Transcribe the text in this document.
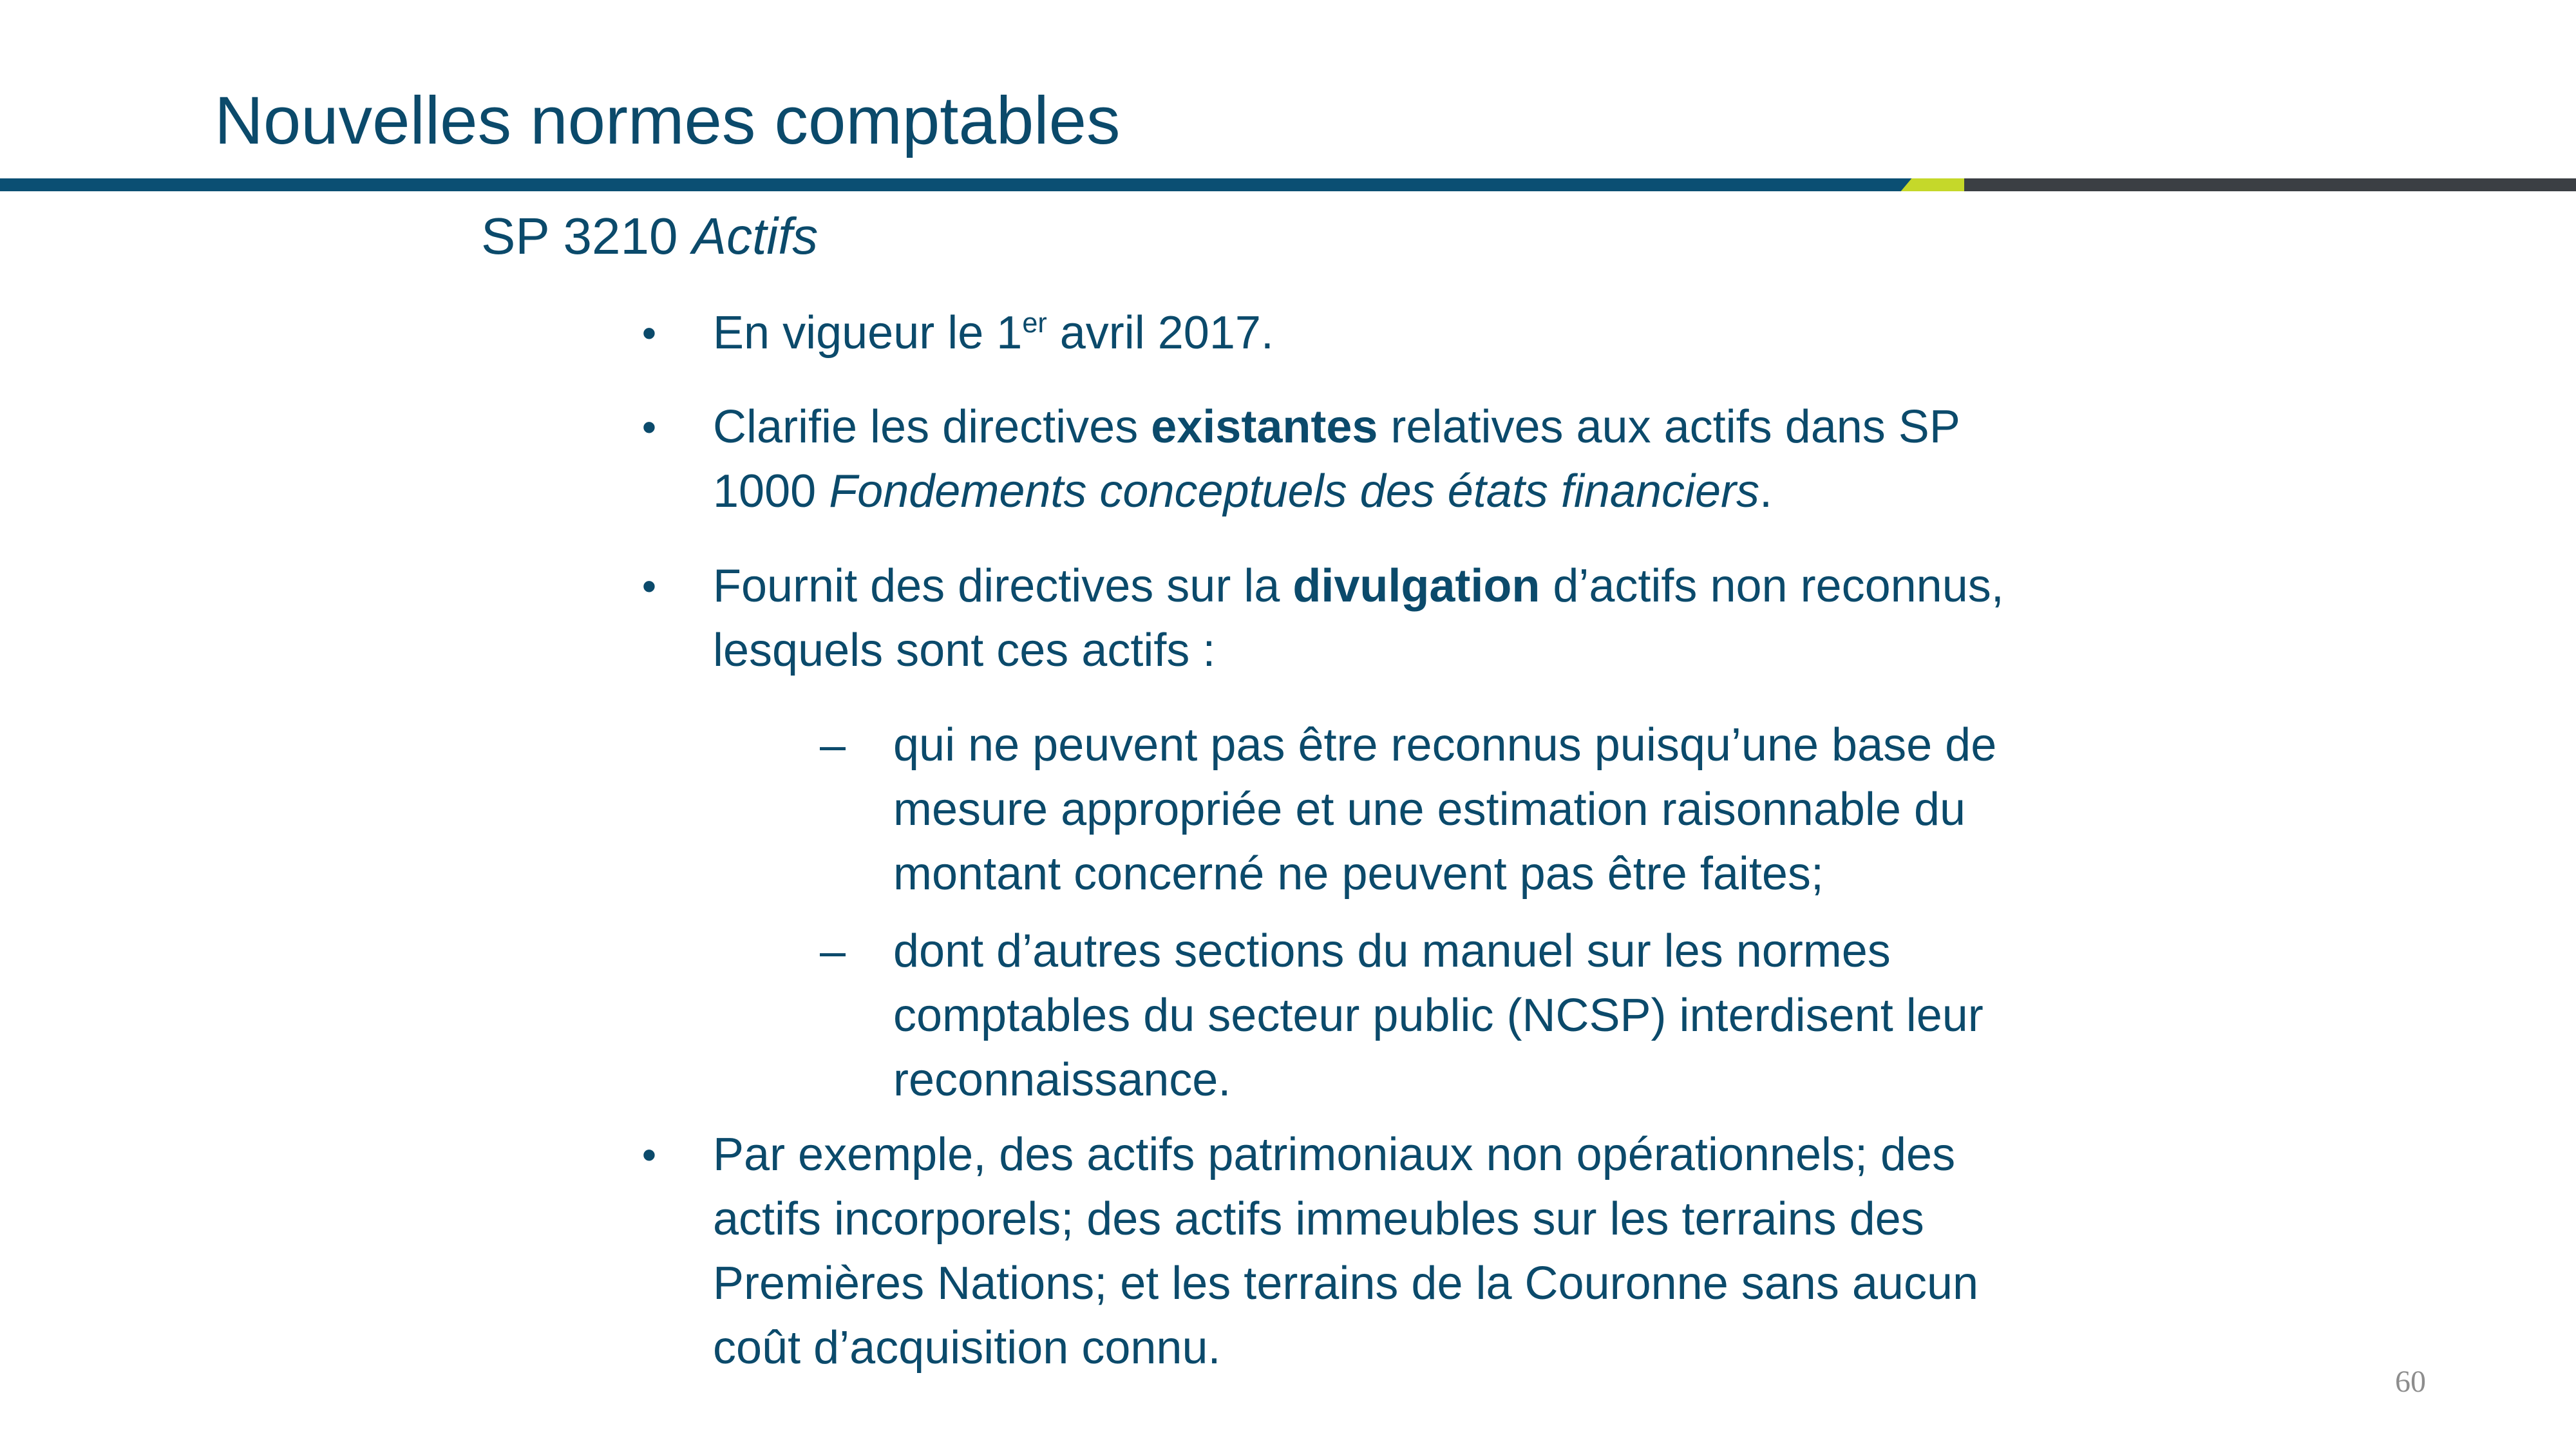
Nouvelles normes comptables
SP 3210 Actifs
• En vigueur le 1er avril 2017.
• Clarifie les directives existantes relatives aux actifs dans SP
1000 Fondements conceptuels des états financiers.
• Fournit des directives sur la divulgation d’actifs non reconnus,
lesquels sont ces actifs :
– qui ne peuvent pas être reconnus puisqu’une base de
mesure appropriée et une estimation raisonnable du
montant concerné ne peuvent pas être faites;
– dont d’autres sections du manuel sur les normes
comptables du secteur public (NCSP) interdisent leur
reconnaissance.
• Par exemple, des actifs patrimoniaux non opérationnels; des
actifs incorporels; des actifs immeubles sur les terrains des
Premières Nations; et les terrains de la Couronne sans aucun
coût d’acquisition connu.
60
